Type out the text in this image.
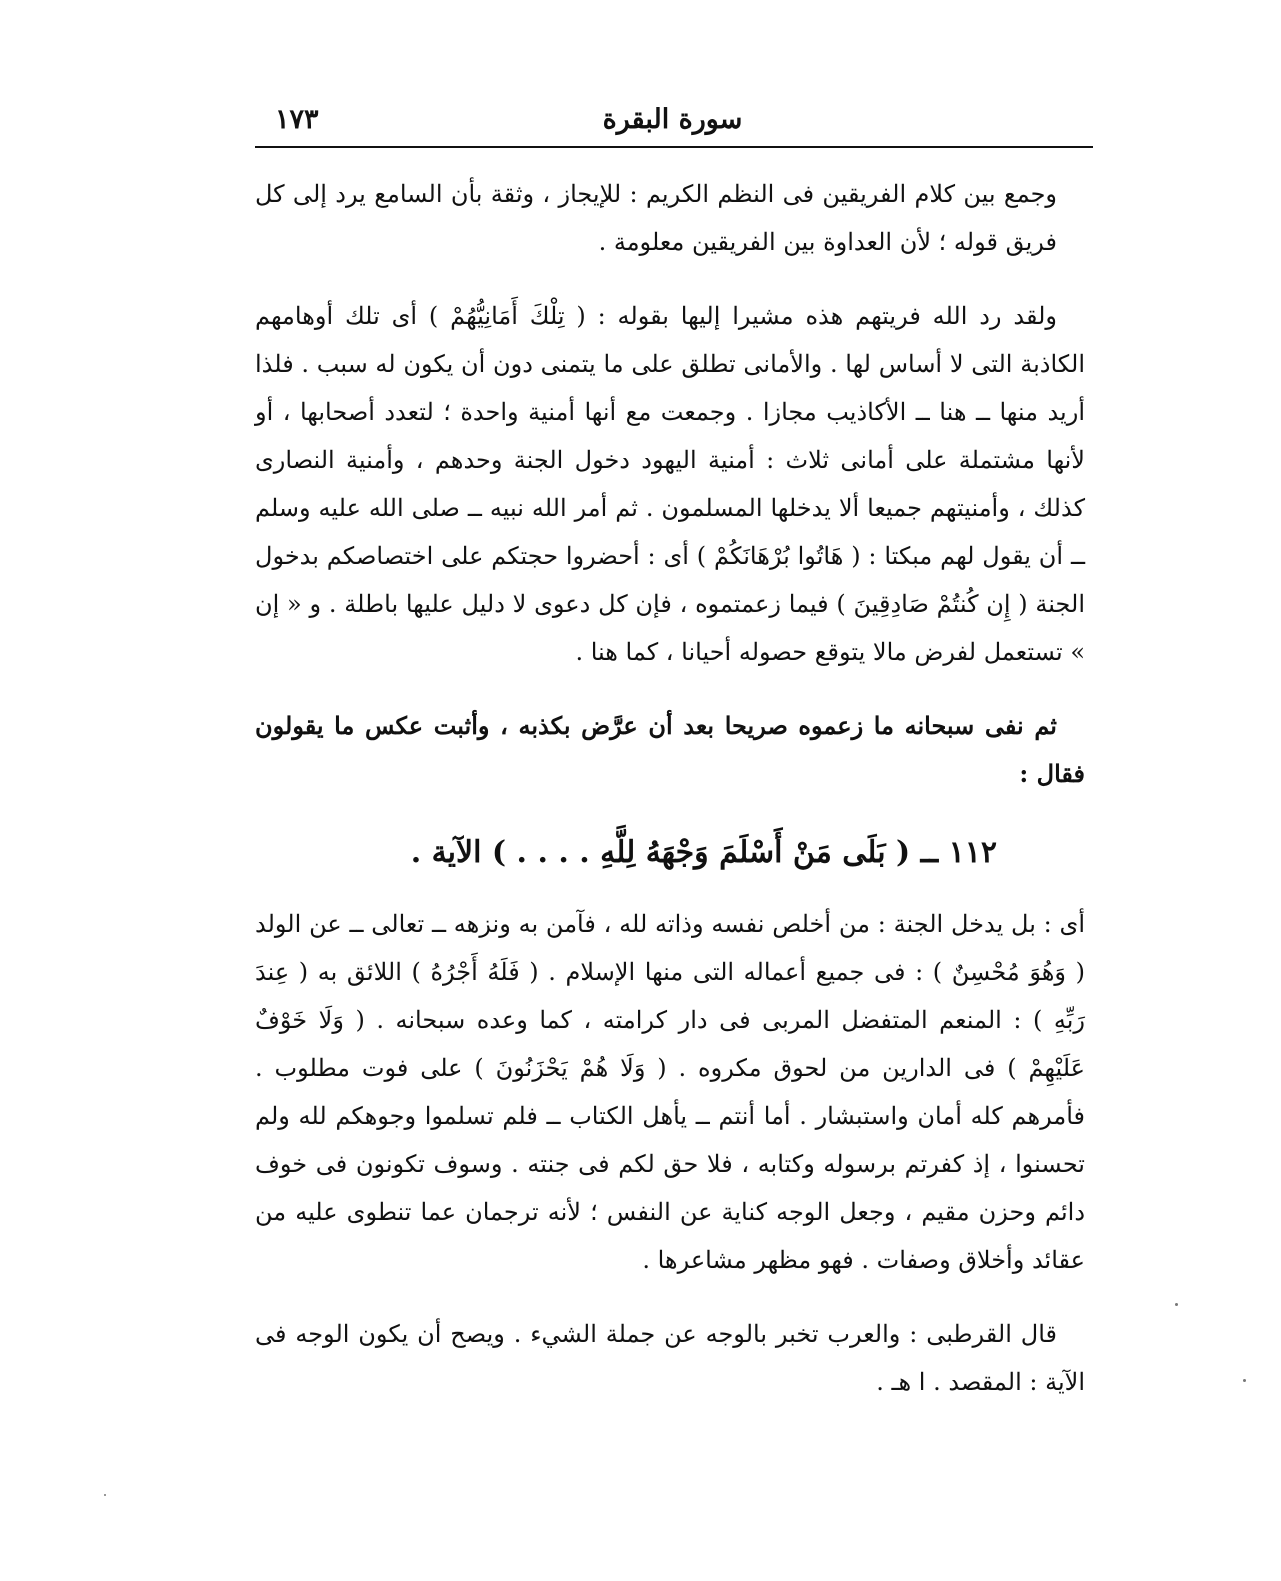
سورة البقرة
١٧٣

وجمع بين كلام الفريقين فى النظم الكريم : للإيجاز ، وثقة بأن السامع يرد إلى كل فريق قوله ؛ لأن العداوة بين الفريقين معلومة .

ولقد رد الله فريتهم هذه مشيرا إليها بقوله : ( تِلْكَ أَمَانِيُّهُمْ ) أى تلك أوهامهم الكاذبة التى لا أساس لها . والأمانى تطلق على ما يتمنى دون أن يكون له سبب . فلذا أريد منها ــ هنا ــ الأكاذيب مجازا . وجمعت مع أنها أمنية واحدة ؛ لتعدد أصحابها ، أو لأنها مشتملة على أمانى ثلاث : أمنية اليهود دخول الجنة وحدهم ، وأمنية النصارى كذلك ، وأمنيتهم جميعا ألا يدخلها المسلمون . ثم أمر الله نبيه ــ صلى الله عليه وسلم ــ أن يقول لهم مبكتا : ( هَاتُوا بُرْهَانَكُمْ ) أى : أحضروا حجتكم على اختصاصكم بدخول الجنة ( إِن كُنتُمْ صَادِقِينَ ) فيما زعمتموه ، فإن كل دعوى لا دليل عليها باطلة . و « إن » تستعمل لفرض مالا يتوقع حصوله أحيانا ، كما هنا .

ثم نفى سبحانه ما زعموه صريحا بعد أن عرَّض بكذبه ، وأثبت عكس ما يقولون فقال :

١١٢ ــ ( بَلَى مَنْ أَسْلَمَ وَجْهَهُ لِلَّهِ . . . . ) الآية .

أى : بل يدخل الجنة : من أخلص نفسه وذاته لله ، فآمن به ونزهه ــ تعالى ــ عن الولد ( وَهُوَ مُحْسِنٌ ) : فى جميع أعماله التى منها الإسلام . ( فَلَهُ أَجْرُهُ ) اللائق به ( عِندَ رَبِّهِ ) : المنعم المتفضل المربى فى دار كرامته ، كما وعده سبحانه . ( وَلَا خَوْفٌ عَلَيْهِمْ ) فى الدارين من لحوق مكروه . ( وَلَا هُمْ يَحْزَنُونَ ) على فوت مطلوب . فأمرهم كله أمان واستبشار . أما أنتم ــ يأهل الكتاب ــ فلم تسلموا وجوهكم لله ولم تحسنوا ، إذ كفرتم برسوله وكتابه ، فلا حق لكم فى جنته . وسوف تكونون فى خوف دائم وحزن مقيم ، وجعل الوجه كناية عن النفس ؛ لأنه ترجمان عما تنطوى عليه من عقائد وأخلاق وصفات . فهو مظهر مشاعرها .

قال القرطبى : والعرب تخبر بالوجه عن جملة الشيء . ويصح أن يكون الوجه فى الآية : المقصد . ا هـ .
